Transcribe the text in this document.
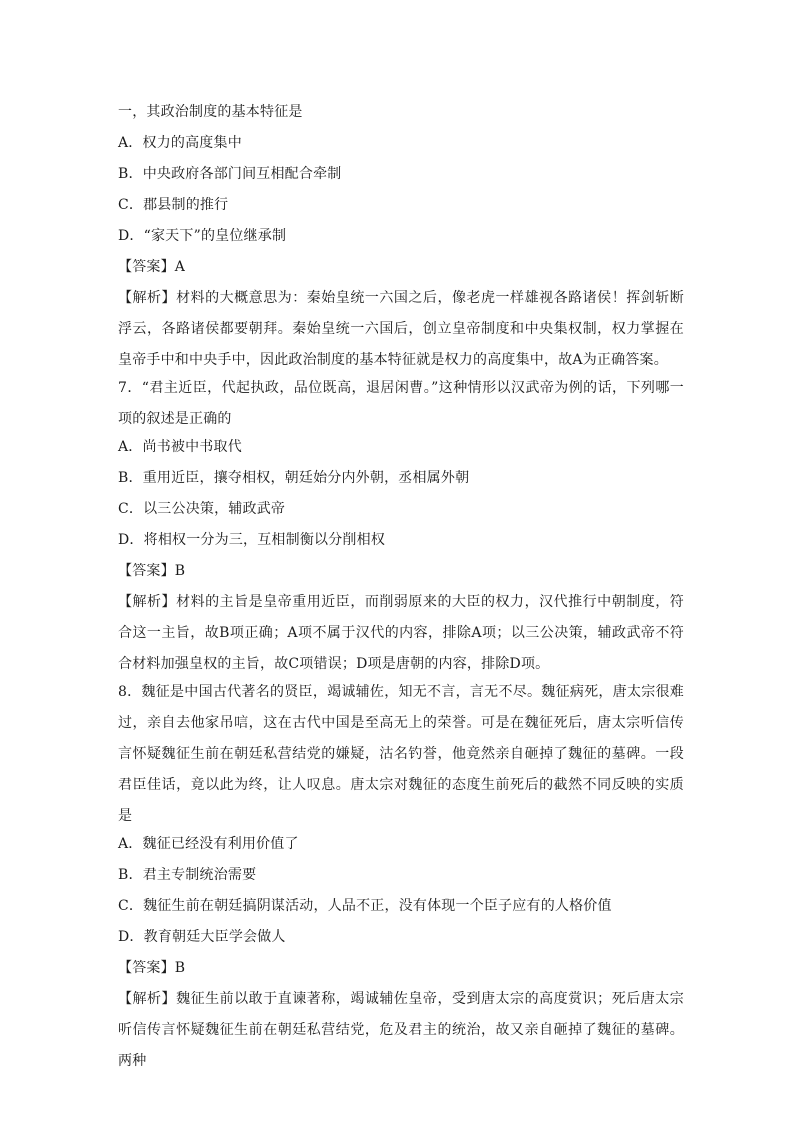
一，其政治制度的基本特征是
A．权力的高度集中
B．中央政府各部门间互相配合牵制
C．郡县制的推行
D．“家天下”的皇位继承制
【答案】A
【解析】材料的大概意思为：秦始皇统一六国之后，像老虎一样雄视各路诸侯！挥剑斩断浮云，各路诸侯都要朝拜。秦始皇统一六国后，创立皇帝制度和中央集权制，权力掌握在皇帝手中和中央手中，因此政治制度的基本特征就是权力的高度集中，故A为正确答案。
7．“君主近臣，代起执政，品位既高，退居闲曹。”这种情形以汉武帝为例的话，下列哪一项的叙述是正确的
A．尚书被中书取代
B．重用近臣，攘夺相权，朝廷始分内外朝，丞相属外朝
C．以三公决策，辅政武帝
D．将相权一分为三，互相制衡以分削相权
【答案】B
【解析】材料的主旨是皇帝重用近臣，而削弱原来的大臣的权力，汉代推行中朝制度，符合这一主旨，故B项正确；A项不属于汉代的内容，排除A项；以三公决策，辅政武帝不符合材料加强皇权的主旨，故C项错误；D项是唐朝的内容，排除D项。
8．魏征是中国古代著名的贤臣，竭诚辅佐，知无不言，言无不尽。魏征病死，唐太宗很难过，亲自去他家吊唁，这在古代中国是至高无上的荣誉。可是在魏征死后，唐太宗听信传言怀疑魏征生前在朝廷私营结党的嫌疑，沽名钓誉，他竟然亲自砸掉了魏征的墓碑。一段君臣佳话，竟以此为终，让人叹息。唐太宗对魏征的态度生前死后的截然不同反映的实质是
A．魏征已经没有利用价值了
B．君主专制统治需要
C．魏征生前在朝廷搞阴谋活动，人品不正，没有体现一个臣子应有的人格价值
D．教育朝廷大臣学会做人
【答案】B
【解析】魏征生前以敢于直谏著称，竭诚辅佐皇帝，受到唐太宗的高度赏识；死后唐太宗听信传言怀疑魏征生前在朝廷私营结党，危及君主的统治，故又亲自砸掉了魏征的墓碑。两种
